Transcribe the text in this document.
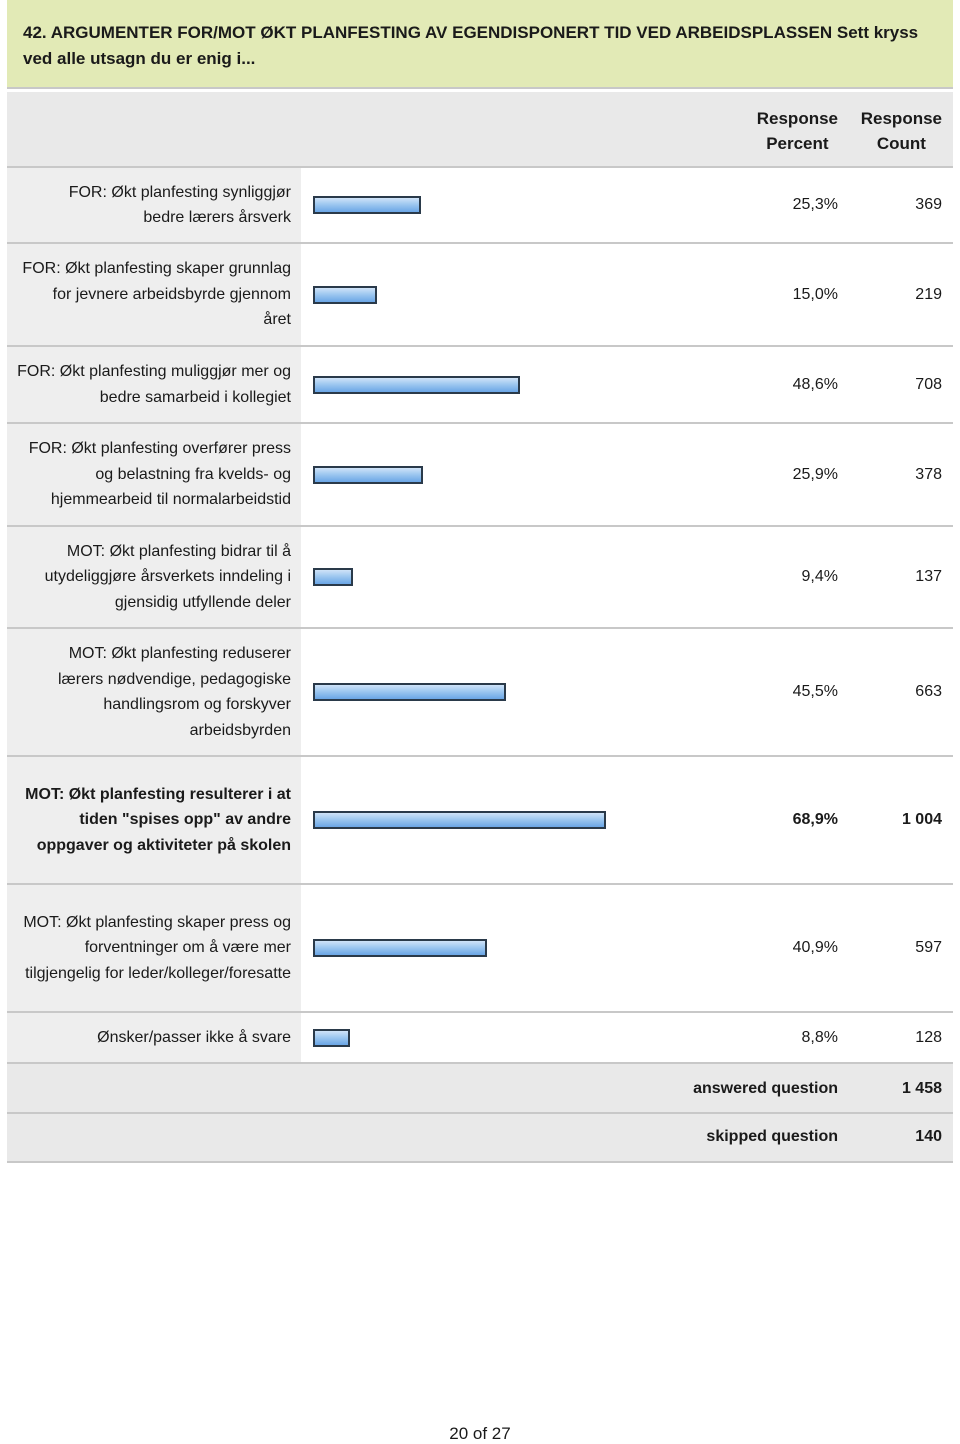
42. ARGUMENTER FOR/MOT ØKT PLANFESTING AV EGENDISPONERT TID VED ARBEIDSPLASSEN Sett kryss ved alle utsagn du er enig i...
Response
Percent
Response
Count
FOR: Økt planfesting synliggjør bedre lærers årsverk
25,3%	369
FOR: Økt planfesting skaper grunnlag for jevnere arbeidsbyrde gjennom året
15,0%	219
FOR: Økt planfesting muliggjør mer og bedre samarbeid i kollegiet
48,6%	708
FOR: Økt planfesting overfører press og belastning fra kvelds- og hjemmearbeid til normalarbeidstid
25,9%	378
MOT: Økt planfesting bidrar til å utydeliggjøre årsverkets inndeling i gjensidig utfyllende deler
9,4%	137
MOT: Økt planfesting reduserer lærers nødvendige, pedagogiske handlingsrom og forskyver arbeidsbyrden
45,5%	663
MOT: Økt planfesting resulterer i at tiden "spises opp" av andre oppgaver og aktiviteter på skolen
68,9%	1 004
MOT: Økt planfesting skaper press og forventninger om å være mer tilgjengelig for leder/kolleger/foresatte
40,9%	597
Ønsker/passer ikke å svare	8,8%	128
answered question	1 458
skipped question	140
20 of 27
